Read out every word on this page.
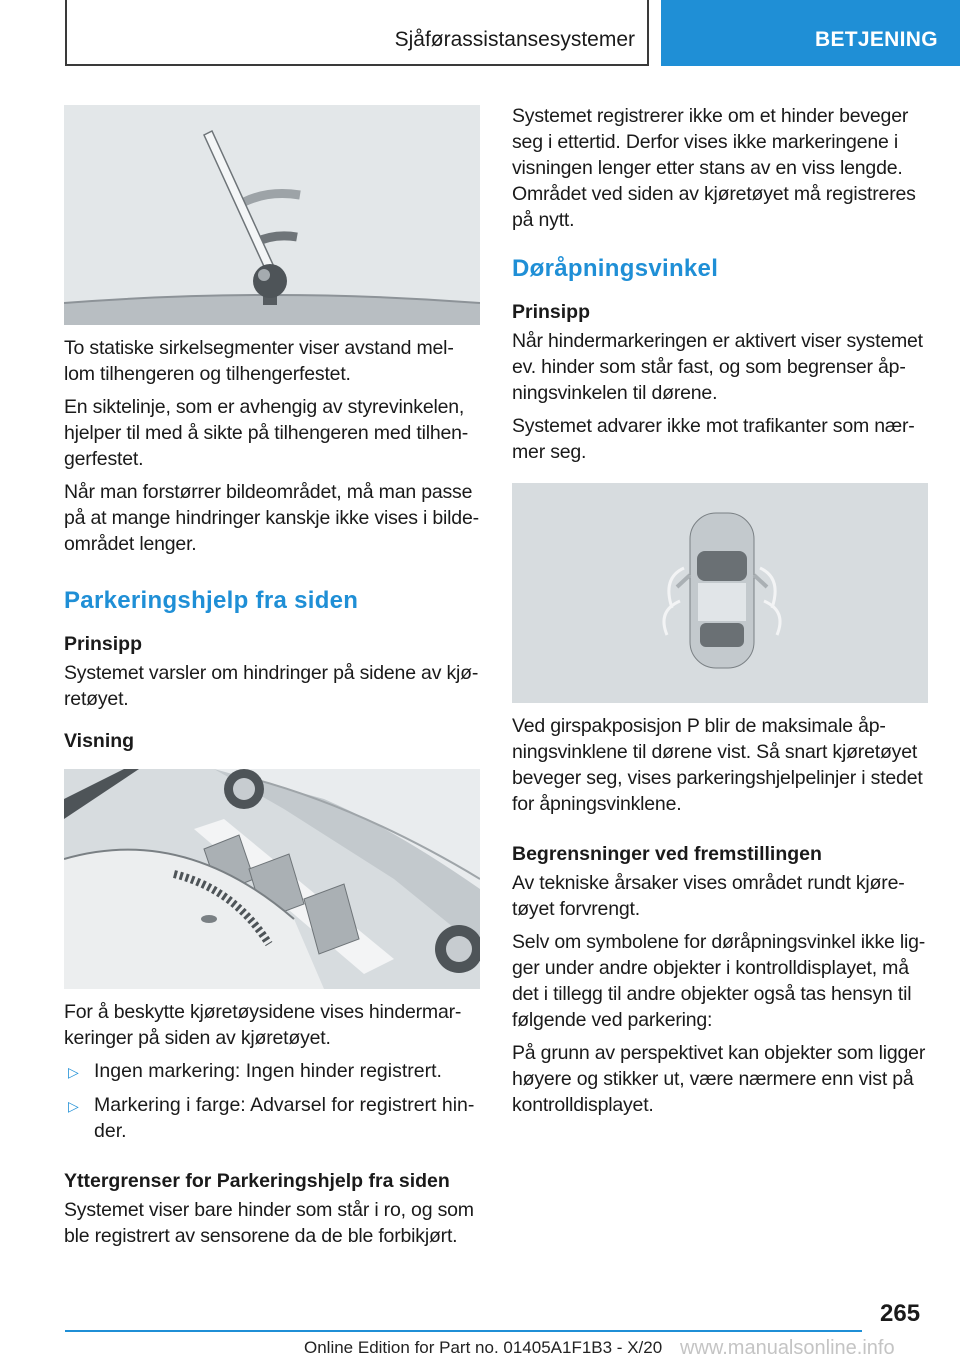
Sjåførassistansesystemer	BETJENING

To statiske sirkelsegmenter viser avstand mel-lom tilhengeren og tilhengerfestet.

En siktelinje, som er avhengig av styrevinkelen, hjelper til med å sikte på tilhengeren med tilhen-gerfestet.

Når man forstørrer bildeområdet, må man passe på at mange hindringer kanskje ikke vises i bilde-området lenger.

Parkeringshjelp fra siden
Prinsipp

Systemet varsler om hindringer på sidene av kjø-retøyet.

Visning

For å beskytte kjøretøysidene vises hindermar-keringer på siden av kjøretøyet.

▷ Ingen markering: Ingen hinder registrert.
▷ Markering i farge: Advarsel for registrert hin-der.
Yttergrenser for Parkeringshjelp fra siden

Systemet viser bare hinder som står i ro, og som ble registrert av sensorene da de ble forbikjørt.

Systemet registrerer ikke om et hinder beveger seg i ettertid. Derfor vises ikke markeringene i visningen lenger etter stans av en viss lengde. Området ved siden av kjøretøyet må registreres på nytt.

Døråpningsvinkel
Prinsipp

Når hindermarkeringen er aktivert viser systemet ev. hinder som står fast, og som begrenser åp-ningsvinkelen til dørene.

Systemet advarer ikke mot trafikanter som nær-mer seg.

Ved girspakposisjon P blir de maksimale åp-ningsvinklene til dørene vist. Så snart kjøretøyet beveger seg, vises parkeringshjelpelinjer i stedet for åpningsvinklene.

Begrensninger ved fremstillingen

Av tekniske årsaker vises området rundt kjøre-tøyet forvrengt.

Selv om symbolene for døråpningsvinkel ikke lig-ger under andre objekter i kontrolldisplayet, må det i tillegg til andre objekter også tas hensyn til følgende ved parkering:

På grunn av perspektivet kan objekter som ligger høyere og stikker ut, være nærmere enn vist på kontrolldisplayet.

265
Online Edition for Part no. 01405A1F1B3 - X/20 www.manualsonline.info
